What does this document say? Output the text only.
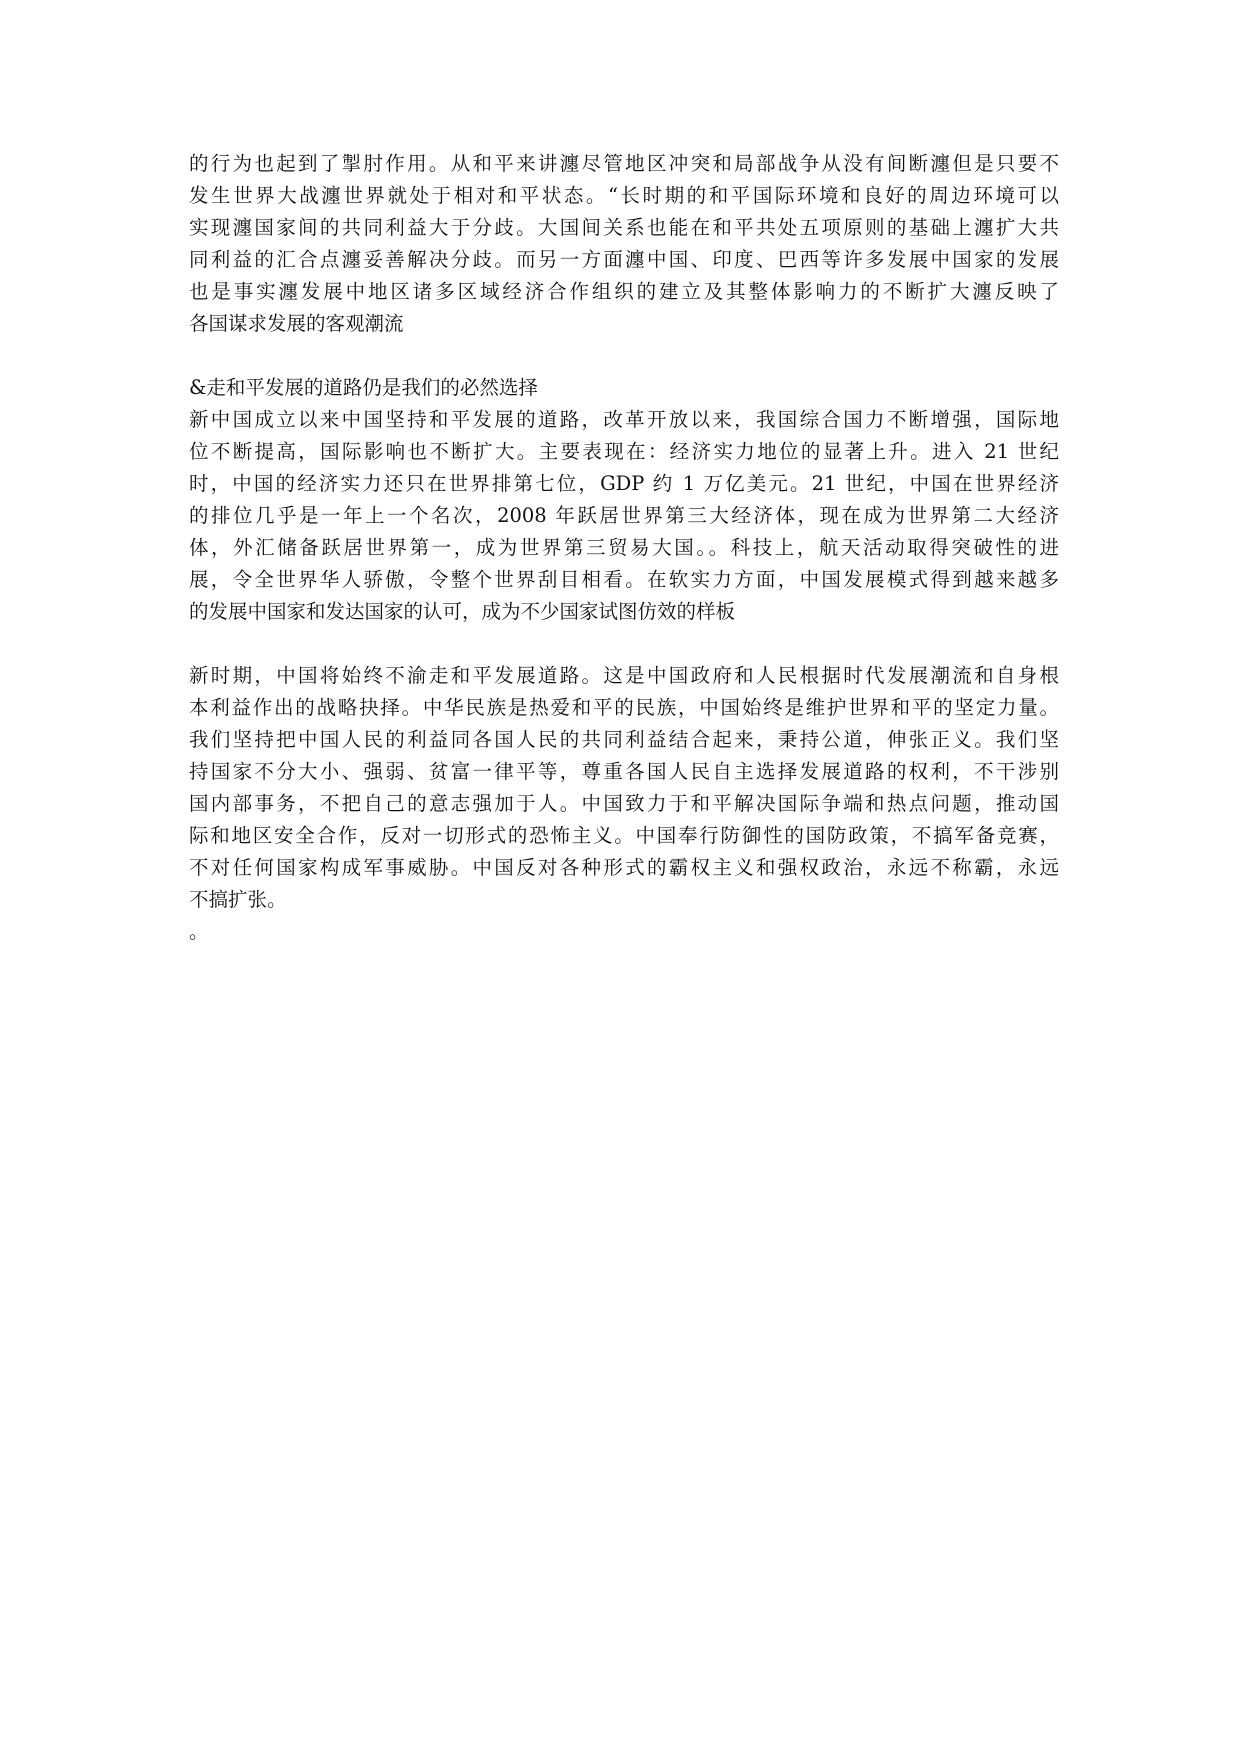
的行为也起到了掣肘作用。从和平来讲瀍尽管地区冲突和局部战争从没有间断瀍但是只要不
发生世界大战瀍世界就处于相对和平状态。“长时期的和平国际环境和良好的周边环境可以
实现瀍国家间的共同利益大于分歧。大国间关系也能在和平共处五项原则的基础上瀍扩大共
同利益的汇合点瀍妥善解决分歧。而另一方面瀍中国、印度、巴西等许多发展中国家的发展
也是事实瀍发展中地区诸多区域经济合作组织的建立及其整体影响力的不断扩大瀍反映了
各国谋求发展的客观潮流
&走和平发展的道路仍是我们的必然选择
新中国成立以来中国坚持和平发展的道路，改革开放以来，我国综合国力不断增强，国际地
位不断提高，国际影响也不断扩大。主要表现在：经济实力地位的显著上升。进入 21 世纪
时，中国的经济实力还只在世界排第七位，GDP 约 1 万亿美元。21 世纪，中国在世界经济
的排位几乎是一年上一个名次，2008 年跃居世界第三大经济体，现在成为世界第二大经济
体，外汇储备跃居世界第一，成为世界第三贸易大国。。科技上，航天活动取得突破性的进
展，令全世界华人骄傲，令整个世界刮目相看。在软实力方面，中国发展模式得到越来越多
的发展中国家和发达国家的认可，成为不少国家试图仿效的样板
新时期，中国将始终不渝走和平发展道路。这是中国政府和人民根据时代发展潮流和自身根
本利益作出的战略抉择。中华民族是热爱和平的民族，中国始终是维护世界和平的坚定力量。
我们坚持把中国人民的利益同各国人民的共同利益结合起来，秉持公道，伸张正义。我们坚
持国家不分大小、强弱、贫富一律平等，尊重各国人民自主选择发展道路的权利，不干涉别
国内部事务，不把自己的意志强加于人。中国致力于和平解决国际争端和热点问题，推动国
际和地区安全合作，反对一切形式的恐怖主义。中国奉行防御性的国防政策，不搞军备竞赛，
不对任何国家构成军事威胁。中国反对各种形式的霸权主义和强权政治，永远不称霸，永远
不搞扩张。
。
